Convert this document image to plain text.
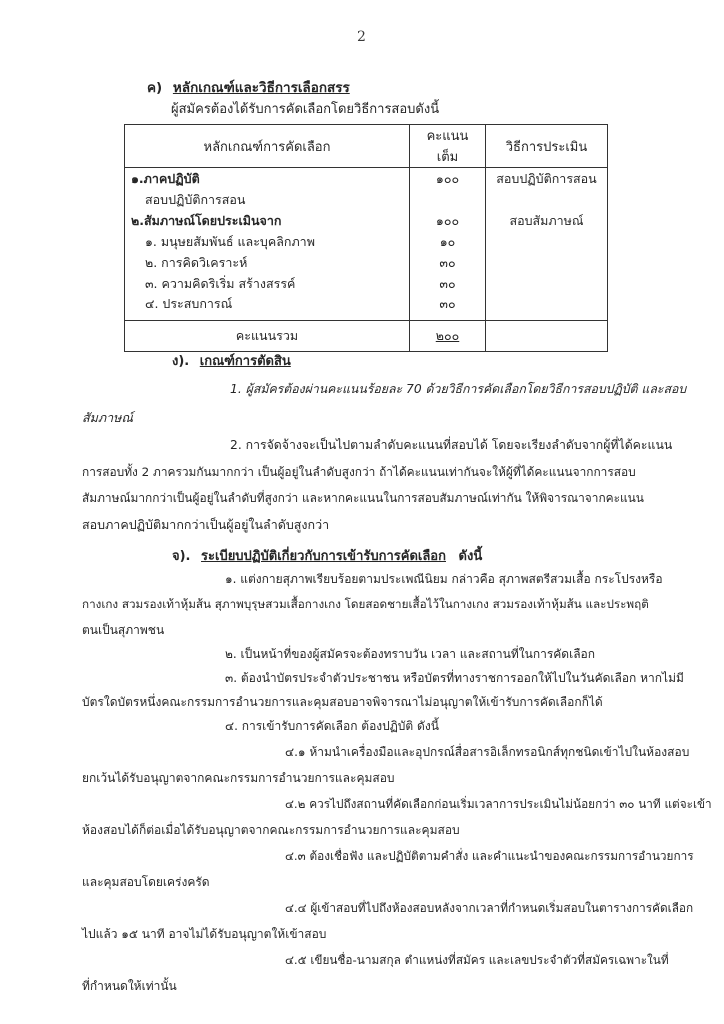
2
ค) หลักเกณฑ์และวิธีการเลือกสรร
ผู้สมัครต้องได้รับการคัดเลือกโดยวิธีการสอบดังนี้
หลักเกณฑ์การคัดเลือก	คะแนนเต็ม	วิธีการประเมิน
๑.ภาคปฏิบัติ	๑๐๐	สอบปฏิบัติการสอน
สอบปฏิบัติการสอน		
๒.สัมภาษณ์โดยประเมินจาก	๑๐๐	สอบสัมภาษณ์
๑. มนุษยสัมพันธ์ และบุคลิกภาพ	๑๐	
๒. การคิดวิเคราะห์	๓๐	
๓. ความคิดริเริ่ม สร้างสรรค์	๓๐	
๔. ประสบการณ์	๓๐	
คะแนนรวม	๒๐๐	
ง). เกณฑ์การตัดสิน
1. ผู้สมัครต้องผ่านคะแนนร้อยละ 70 ด้วยวิธีการคัดเลือกโดยวิธีการสอบปฏิบัติ และสอบ
สัมภาษณ์
2. การจัดจ้างจะเป็นไปตามลำดับคะแนนที่สอบได้ โดยจะเรียงลำดับจากผู้ที่ได้คะแนน
การสอบทั้ง 2 ภาครวมกันมากกว่า เป็นผู้อยู่ในลำดับสูงกว่า ถ้าได้คะแนนเท่ากันจะให้ผู้ที่ได้คะแนนจากการสอบ
สัมภาษณ์มากกว่าเป็นผู้อยู่ในลำดับที่สูงกว่า และหากคะแนนในการสอบสัมภาษณ์เท่ากัน ให้พิจารณาจากคะแนน
สอบภาคปฏิบัติมากกว่าเป็นผู้อยู่ในลำดับสูงกว่า
จ). ระเบียบปฏิบัติเกี่ยวกับการเข้ารับการคัดเลือก ดังนี้
๑. แต่งกายสุภาพเรียบร้อยตามประเพณีนิยม กล่าวคือ สุภาพสตรีสวมเสื้อ กระโปรงหรือ
กางเกง สวมรองเท้าหุ้มส้น สุภาพบุรุษสวมเสื้อกางเกง โดยสอดชายเสื้อไว้ในกางเกง สวมรองเท้าหุ้มส้น และประพฤติ
ตนเป็นสุภาพชน
๒. เป็นหน้าที่ของผู้สมัครจะต้องทราบวัน เวลา และสถานที่ในการคัดเลือก
๓. ต้องนำบัตรประจำตัวประชาชน หรือบัตรที่ทางราชการออกให้ไปในวันคัดเลือก หากไม่มี
บัตรใดบัตรหนึ่งคณะกรรมการอำนวยการและคุมสอบอาจพิจารณาไม่อนุญาตให้เข้ารับการคัดเลือกก็ได้
๔. การเข้ารับการคัดเลือก ต้องปฏิบัติ ดังนี้
๔.๑ ห้ามนำเครื่องมือและอุปกรณ์สื่อสารอิเล็กทรอนิกส์ทุกชนิดเข้าไปในห้องสอบ
ยกเว้นได้รับอนุญาตจากคณะกรรมการอำนวยการและคุมสอบ
๔.๒ ควรไปถึงสถานที่คัดเลือกก่อนเริ่มเวลาการประเมินไม่น้อยกว่า ๓๐ นาที แต่จะเข้า
ห้องสอบได้ก็ต่อเมื่อได้รับอนุญาตจากคณะกรรมการอำนวยการและคุมสอบ
๔.๓ ต้องเชื่อฟัง และปฏิบัติตามคำสั่ง และคำแนะนำของคณะกรรมการอำนวยการ
และคุมสอบโดยเคร่งครัด
๔.๔ ผู้เข้าสอบที่ไปถึงห้องสอบหลังจากเวลาที่กำหนดเริ่มสอบในตารางการคัดเลือก
ไปแล้ว ๑๕ นาที อาจไม่ได้รับอนุญาตให้เข้าสอบ
๔.๕ เขียนชื่อ-นามสกุล ตำแหน่งที่สมัคร และเลขประจำตัวที่สมัครเฉพาะในที่
ที่กำหนดให้เท่านั้น
